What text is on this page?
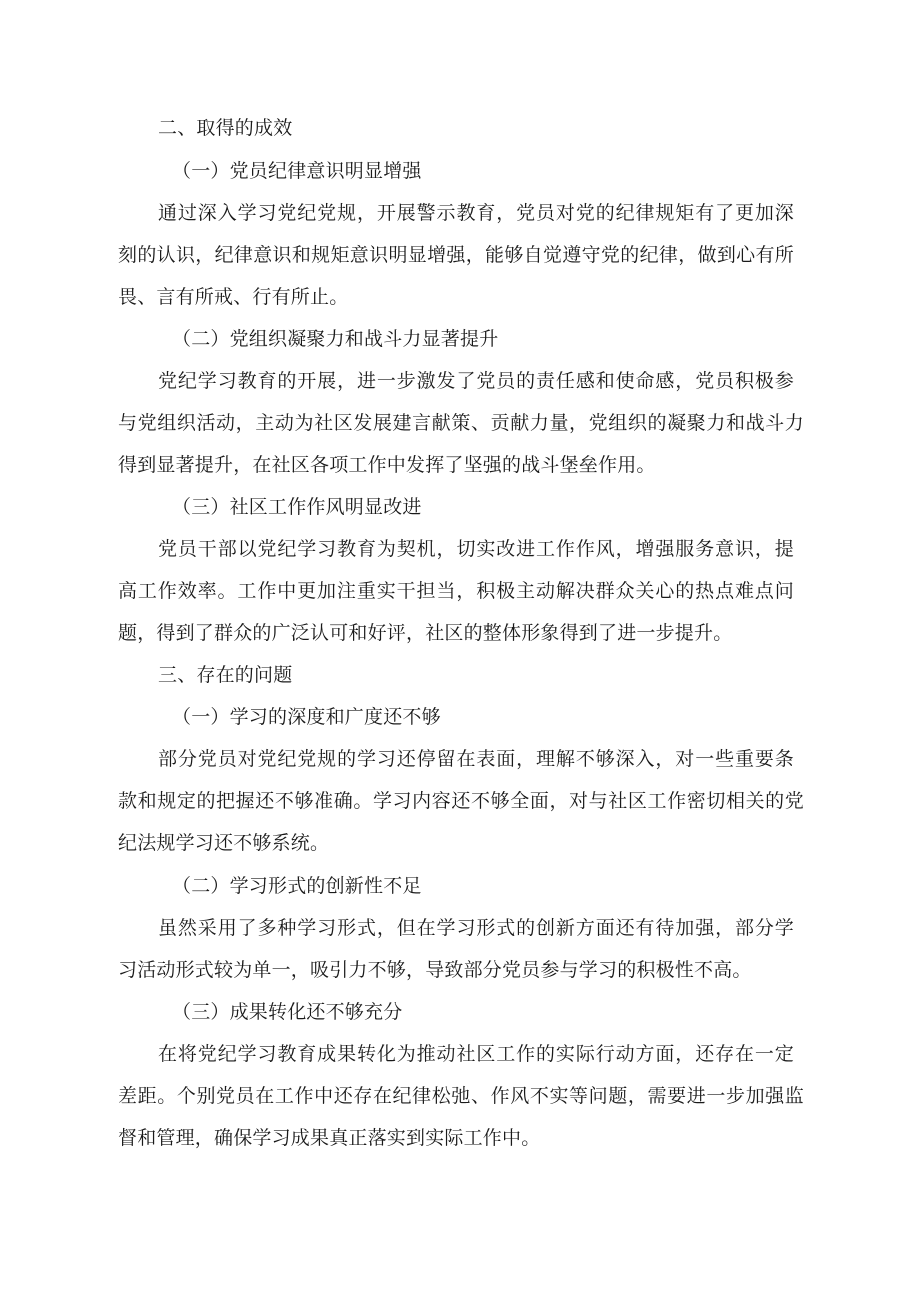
二、取得的成效
（一）党员纪律意识明显增强
通过深入学习党纪党规，开展警示教育，党员对党的纪律规矩有了更加深
刻的认识，纪律意识和规矩意识明显增强，能够自觉遵守党的纪律，做到心有所
畏、言有所戒、行有所止。
（二）党组织凝聚力和战斗力显著提升
党纪学习教育的开展，进一步激发了党员的责任感和使命感，党员积极参
与党组织活动，主动为社区发展建言献策、贡献力量，党组织的凝聚力和战斗力
得到显著提升，在社区各项工作中发挥了坚强的战斗堡垒作用。
（三）社区工作作风明显改进
党员干部以党纪学习教育为契机，切实改进工作作风，增强服务意识，提
高工作效率。工作中更加注重实干担当，积极主动解决群众关心的热点难点问
题，得到了群众的广泛认可和好评，社区的整体形象得到了进一步提升。
三、存在的问题
（一）学习的深度和广度还不够
部分党员对党纪党规的学习还停留在表面，理解不够深入，对一些重要条
款和规定的把握还不够准确。学习内容还不够全面，对与社区工作密切相关的党
纪法规学习还不够系统。
（二）学习形式的创新性不足
虽然采用了多种学习形式，但在学习形式的创新方面还有待加强，部分学
习活动形式较为单一，吸引力不够，导致部分党员参与学习的积极性不高。
（三）成果转化还不够充分
在将党纪学习教育成果转化为推动社区工作的实际行动方面，还存在一定
差距。个别党员在工作中还存在纪律松弛、作风不实等问题，需要进一步加强监
督和管理，确保学习成果真正落实到实际工作中。
